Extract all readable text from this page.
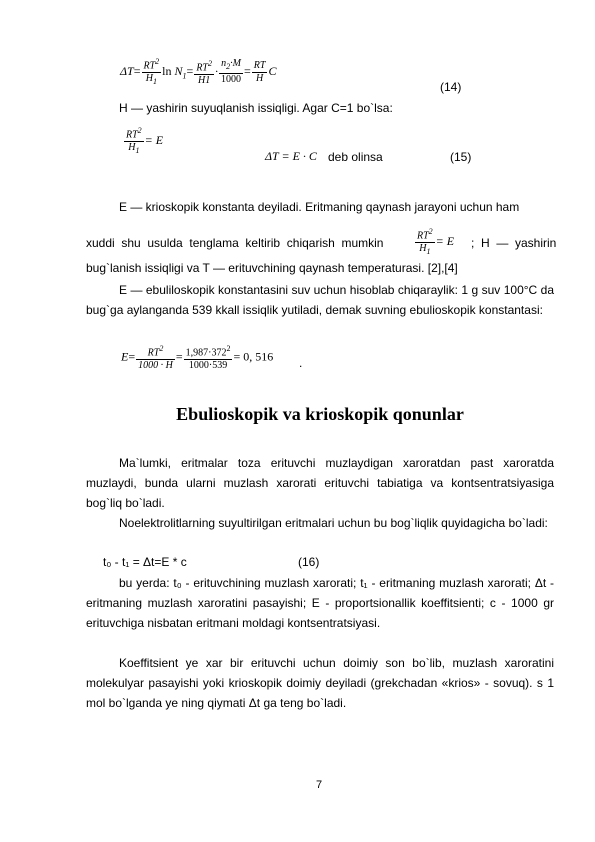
$\Delta T= \frac{RT^2}{H_1}$ $\ln N_1= \frac{RT^2}{H1} \cdot \frac{n_2\cdot M}{1000} = \frac{RT}{H}$ C
(14)
H — yashirin suyuqlanish issiqligi. Agar C=1 bo`lsa:
$\frac{RT^2}{H_1} = E$
ΔT = E · C deb olinsa	(15)
E — krioskopik konstanta deyiladi. Eritmaning qaynash jarayoni uchun ham
xuddi  shu  usulda  tenglama  keltirib  chiqarish  mumkin	$\frac{RT^2}{H_1} = E$ ;  H  —  yashirin
bug`lanish issiqligi va T — erituvchining qaynash temperaturasi. [2],[4]
E — ebuliloskopik konstantasini suv uchun hisoblab chiqaraylik: 1 g suv 100°C da bug`ga aylanganda 539 kkall issiqlik yutiladi, demak suvning ebulioskopik konstantasi:
$E= \frac{RT^2}{1000 \cdot H} = \frac{1,987\cdot 372^2}{1000\cdot 539} = 0$, 516 .
Ebulioskopik va krioskopik qonunlar
Ma`lumki, eritmalar toza erituvchi muzlaydigan xaroratdan past xaroratda muzlaydi, bunda ularni muzlash xarorati erituvchi tabiatiga va kontsentratsiyasiga bog`liq bo`ladi.
Noelektrolitlarning suyultirilgan eritmalari uchun bu bog`liqlik quyidagicha bo`ladi:
t₀ - t₁ = Δt=E * c	(16)
bu yerda: t₀ - erituvchining muzlash xarorati; t₁ - eritmaning muzlash xarorati; Δt - eritmaning muzlash xaroratini pasayishi; E - proportsionallik koeffitsienti; c - 1000 gr erituvchiga nisbatan eritmani moldagi kontsentratsiyasi.
Koeffitsient ye xar bir erituvchi uchun doimiy son bo`lib, muzlash xaroratini molekulyar pasayishi yoki krioskopik doimiy deyiladi (grekchadan «krios» - sovuq). s 1 mol bo`lganda ye ning qiymati Δt ga teng bo`ladi.
7
